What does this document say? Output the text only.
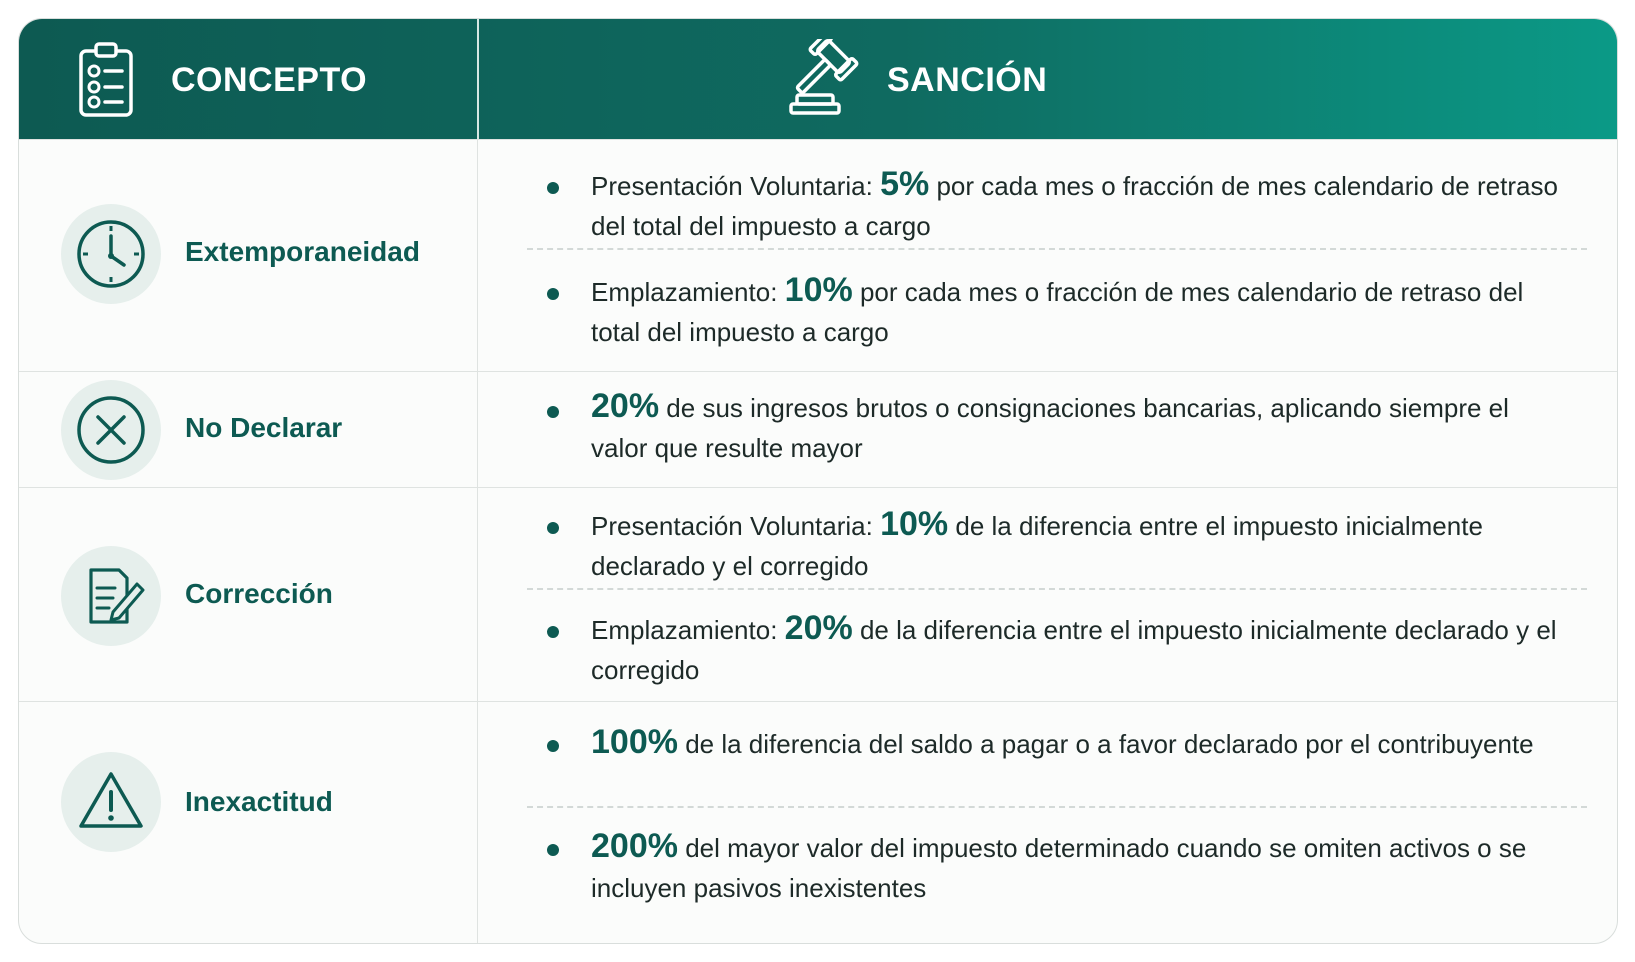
CONCEPTO	SANCIÓN
Extemporaneidad
Presentación Voluntaria: 5% por cada mes o fracción de mes calendario de retraso del total del impuesto a cargo
Emplazamiento: 10% por cada mes o fracción de mes calendario de retraso del total del impuesto a cargo
No Declarar
20% de sus ingresos brutos o consignaciones bancarias, aplicando siempre el valor que resulte mayor
Corrección
Presentación Voluntaria: 10% de la diferencia entre el impuesto inicialmente declarado y el corregido
Emplazamiento: 20% de la diferencia entre el impuesto inicialmente declarado y el corregido
Inexactitud
100% de la diferencia del saldo a pagar o a favor declarado por el contribuyente
200% del mayor valor del impuesto determinado cuando se omiten activos o se incluyen pasivos inexistentes
